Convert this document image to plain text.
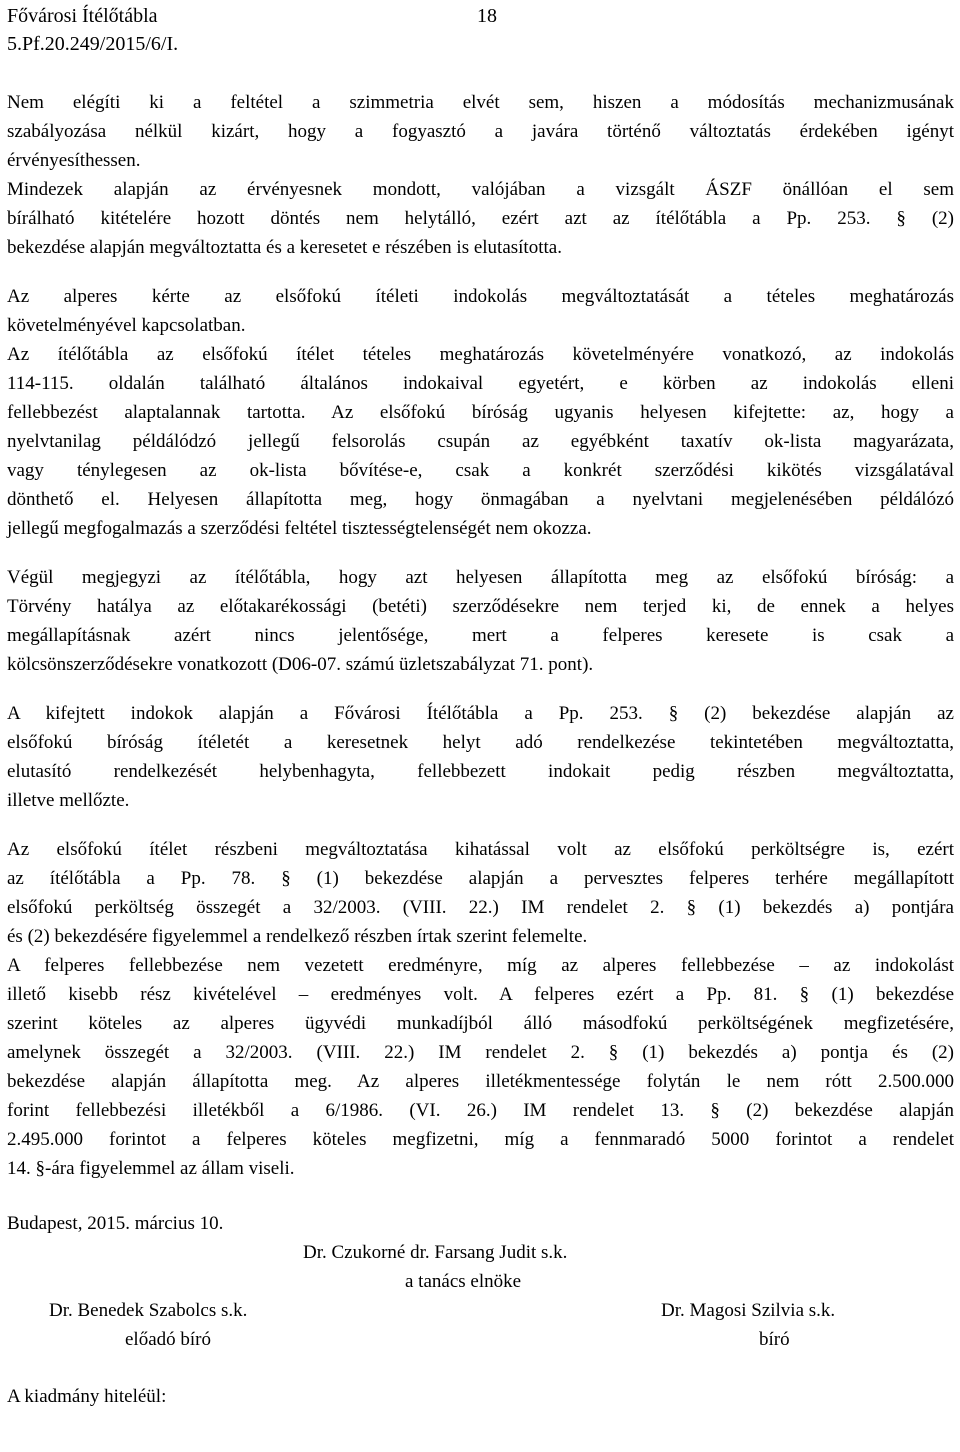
Fővárosi Ítélőtábla	18
5.Pf.20.249/2015/6/I.

Nem elégíti ki a feltétel a szimmetria elvét sem, hiszen a módosítás mechanizmusának
szabályozása nélkül kizárt, hogy a fogyasztó a javára történő változtatás érdekében igényt
érvényesíthessen.

Mindezek alapján az érvényesnek mondott, valójában a vizsgált ÁSZF önállóan el sem
bírálható kitételére hozott döntés nem helytálló, ezért azt az ítélőtábla a Pp. 253. § (2)
bekezdése alapján megváltoztatta és a keresetet e részében is elutasította.

Az alperes kérte az elsőfokú ítéleti indokolás megváltoztatását a tételes meghatározás
követelményével kapcsolatban.

Az ítélőtábla az elsőfokú ítélet tételes meghatározás követelményére vonatkozó, az indokolás
114-115. oldalán található általános indokaival egyetért, e körben az indokolás elleni
fellebbezést alaptalannak tartotta. Az elsőfokú bíróság ugyanis helyesen kifejtette: az, hogy a
nyelvtanilag példálódzó jellegű felsorolás csupán az egyébként taxatív ok-lista magyarázata,
vagy ténylegesen az ok-lista bővítése-e, csak a konkrét szerződési kikötés vizsgálatával
dönthető el. Helyesen állapította meg, hogy önmagában a nyelvtani megjelenésében példálózó
jellegű megfogalmazás a szerződési feltétel tisztességtelenségét nem okozza.

Végül megjegyzi az ítélőtábla, hogy azt helyesen állapította meg az elsőfokú bíróság: a
Törvény hatálya az előtakarékossági (betéti) szerződésekre nem terjed ki, de ennek a helyes
megállapításnak azért nincs jelentősége, mert a felperes keresete is csak a
kölcsönszerződésekre vonatkozott (D06-07. számú üzletszabályzat 71. pont).

A kifejtett indokok alapján a Fővárosi Ítélőtábla a Pp. 253. § (2) bekezdése alapján az
elsőfokú bíróság ítéletét a keresetnek helyt adó rendelkezése tekintetében megváltoztatta,
elutasító rendelkezését helybenhagyta, fellebbezett indokait pedig részben megváltoztatta,
illetve mellőzte.

Az elsőfokú ítélet részbeni megváltoztatása kihatással volt az elsőfokú perköltségre is, ezért
az ítélőtábla a Pp. 78. § (1) bekezdése alapján a pervesztes felperes terhére megállapított
elsőfokú perköltség összegét a 32/2003. (VIII. 22.) IM rendelet 2. § (1) bekezdés a) pontjára
és (2) bekezdésére figyelemmel a rendelkező részben írtak szerint felemelte.

A felperes fellebbezése nem vezetett eredményre, míg az alperes fellebbezése – az indokolást
illető kisebb rész kivételével – eredményes volt. A felperes ezért a Pp. 81. § (1) bekezdése
szerint köteles az alperes ügyvédi munkadíjból álló másodfokú perköltségének megfizetésére,
amelynek összegét a 32/2003. (VIII. 22.) IM rendelet 2. § (1) bekezdés a) pontja és (2)
bekezdése alapján állapította meg. Az alperes illetékmentessége folytán le nem rótt 2.500.000
forint fellebbezési illetékből a 6/1986. (VI. 26.) IM rendelet 13. § (2) bekezdése alapján
2.495.000 forintot a felperes köteles megfizetni, míg a fennmaradó 5000 forintot a rendelet
14. §-ára figyelemmel az állam viseli.

Budapest, 2015. március 10.
Dr. Czukorné dr. Farsang Judit s.k.
a tanács elnöke
Dr. Benedek Szabolcs s.k.	Dr. Magosi Szilvia s.k.
előadó bíró	bíró
A kiadmány hiteléül:
